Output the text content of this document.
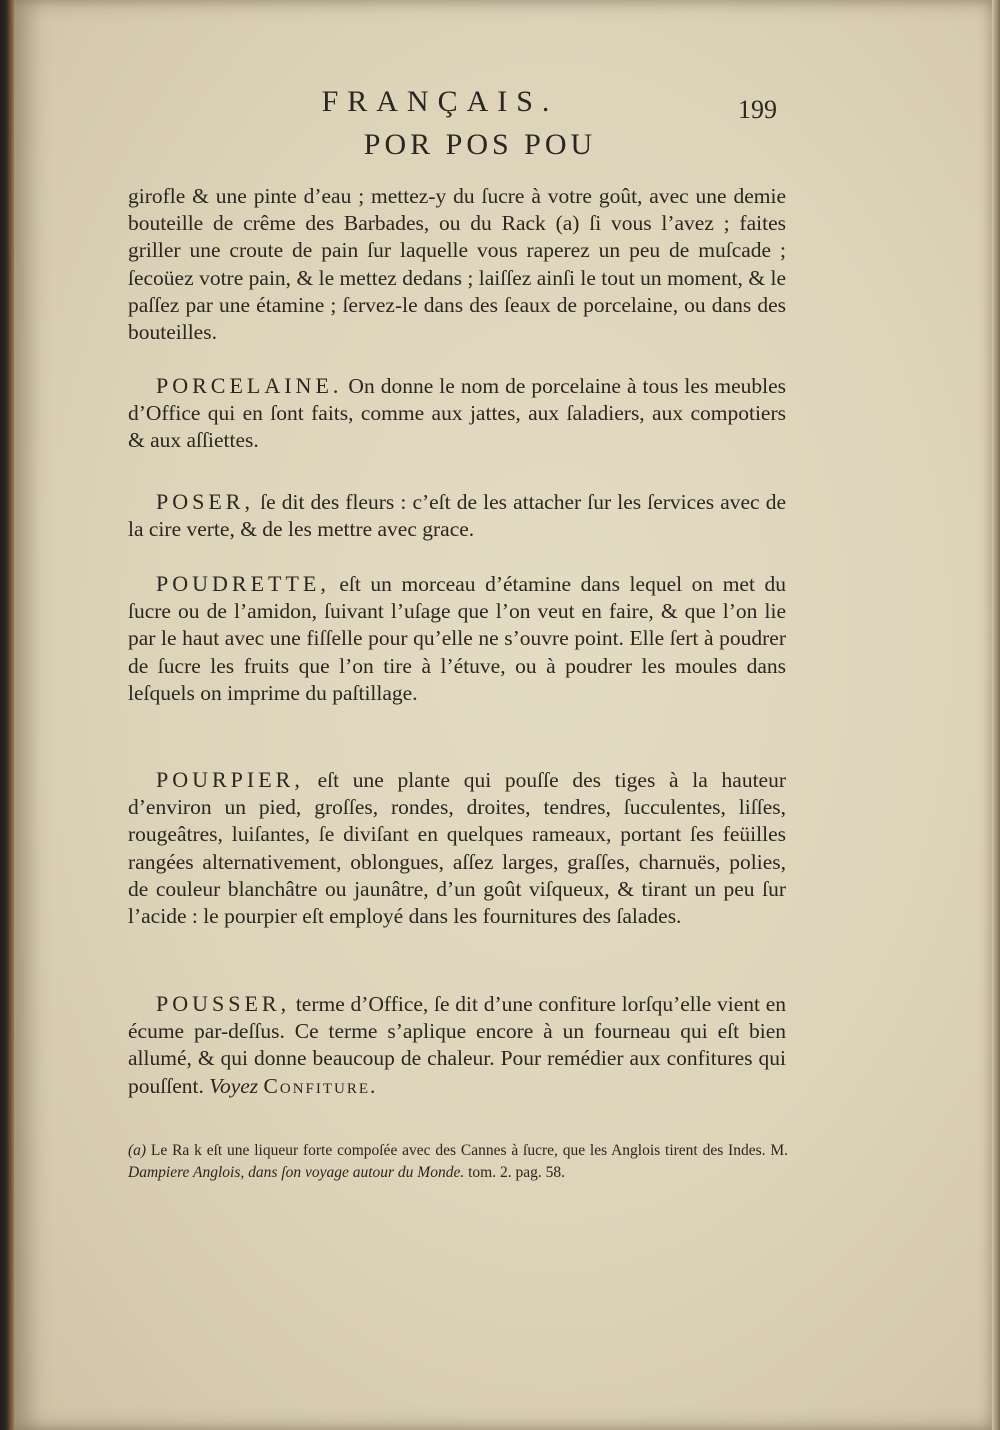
FRANÇAIS.	199
POR POS POU

girofle & une pinte d’eau ; mettez-y du ſucre à votre goût, avec une demie bouteille de crême des Barbades, ou du Rack (a) ſi vous l’avez ; faites griller une croute de pain ſur laquelle vous raperez un peu de muſcade ; ſecoüez votre pain, & le mettez dedans ; laiſſez ainſi le tout un moment, & le paſſez par une étamine ; ſervez-le dans des ſeaux de porcelaine, ou dans des bouteilles.

PORCELAINE. On donne le nom de porcelaine à tous les meubles d’Office qui en ſont faits, comme aux jattes, aux ſaladiers, aux compotiers & aux aſſiettes.

POSER, ſe dit des fleurs : c’eſt de les attacher ſur les ſervices avec de la cire verte, & de les mettre avec grace.

POUDRETTE, eſt un morceau d’étamine dans lequel on met du ſucre ou de l’amidon, ſuivant l’uſage que l’on veut en faire, & que l’on lie par le haut avec une fiſſelle pour qu’elle ne s’ouvre point. Elle ſert à poudrer de ſucre les fruits que l’on tire à l’étuve, ou à poudrer les moules dans leſquels on imprime du paſtillage.

POURPIER, eſt une plante qui pouſſe des tiges à la hauteur d’environ un pied, groſſes, rondes, droites, tendres, ſucculentes, liſſes, rougeâtres, luiſantes, ſe diviſant en quelques rameaux, portant ſes feüilles rangées alternativement, oblongues, aſſez larges, graſſes, charnuës, polies, de couleur blanchâtre ou jaunâtre, d’un goût viſqueux, & tirant un peu ſur l’acide : le pourpier eſt employé dans les fournitures des ſalades.

POUSSER, terme d’Office, ſe dit d’une confiture lorſqu’elle vient en écume par-deſſus. Ce terme s’aplique encore à un fourneau qui eſt bien allumé, & qui donne beaucoup de chaleur. Pour remédier aux confitures qui pouſſent. Voyez Confiture.

(a) Le Ra k eſt une liqueur forte compoſée avec des Cannes à ſucre, que les Anglois tirent des Indes. M. Dampiere Anglois, dans ſon voyage autour du Monde. tom. 2. pag. 58.
